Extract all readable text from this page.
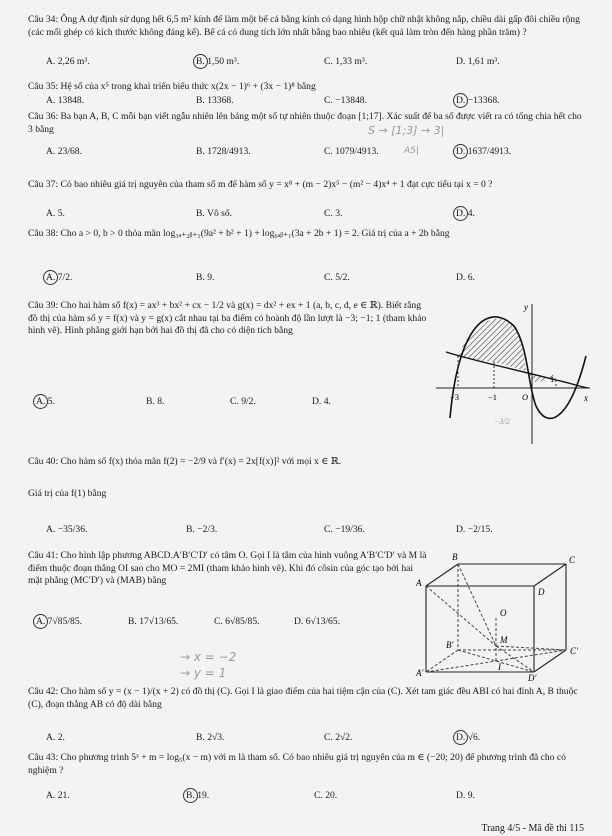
Câu 34: Ông A dự định sử dụng hết 6,5 m² kính để làm một bể cá bằng kính có dạng hình hộp chữ nhật không nắp, chiều dài gấp đôi chiều rộng (các mối ghép có kích thước không đáng kể). Bể cá có dung tích lớn nhất bằng bao nhiêu (kết quả làm tròn đến hàng phần trăm) ?
A. 2,26 m³.	B. 1,50 m³.	C. 1,33 m³.	D. 1,61 m³.
Câu 35: Hệ số của x⁵ trong khai triển biểu thức x(2x − 1)⁶ + (3x − 1)⁸ bằng
A. 13848.	B. 13368.	C. −13848.	D. −13368.
Câu 36: Ba bạn A, B, C mỗi bạn viết ngẫu nhiên lên bảng một số tự nhiên thuộc đoạn [1;17]. Xác suất để ba số được viết ra có tổng chia hết cho 3 bằng	S → [1;3] → 3|
A. 23/68.	B. 1728/4913.	C. 1079/4913.	A5|	D. 1637/4913.
Câu 37: Có bao nhiêu giá trị nguyên của tham số m để hàm số y = x⁸ + (m − 2)x⁵ − (m² − 4)x⁴ + 1 đạt cực tiểu tại x = 0 ?
A. 5.	B. Vô số.	C. 3.	D. 4.
Câu 38: Cho a > 0, b > 0 thỏa mãn log₃ₐ₊₂ᵦ₊₁(9a² + b² + 1) + log₆ₐᵦ₊₁(3a + 2b + 1) = 2. Giá trị của a + 2b bằng
A. 7/2.	B. 9.	C. 5/2.	D. 6.
Câu 39: Cho hai hàm số f(x) = ax³ + bx² + cx − 1/2 và g(x) = dx² + ex + 1 (a, b, c, d, e ∈ ℝ). Biết rằng đồ thị của hàm số y = f(x) và y = g(x) cắt nhau tại ba điểm có hoành độ lần lượt là −3; −1; 1 (tham khảo hình vẽ). Hình phẳng giới hạn bởi hai đồ thị đã cho có diện tích bằng
A. 5.	B. 8.	C. 9/2.	D. 4.
y
x
−3	−1
1
O
−3/2
Câu 40: Cho hàm số f(x) thỏa mãn f(2) = −2/9 và f′(x) = 2x[f(x)]² với mọi x ∈ ℝ.
Giá trị của f(1) bằng
A. −35/36.	B. −2/3.	C. −19/36.	D. −2/15.
Câu 41: Cho hình lập phương ABCD.A′B′C′D′ có tâm O. Gọi I là tâm của hình vuông A′B′C′D′ và M là điểm thuộc đoạn thẳng OI sao cho MO = 2MI (tham khảo hình vẽ). Khi đó côsin của góc tạo bởi hai mặt phẳng (MC′D′) và (MAB) bằng
A. 7√85/85.	B. 17√13/65.	C. 6√85/85.	D. 6√13/65.
B	C
A
D
O
M
B′
C′
A′
I
D′
→ x = −2
→ y = 1
Câu 42: Cho hàm số y = (x − 1)/(x + 2) có đồ thị (C). Gọi I là giao điểm của hai tiệm cận của (C). Xét tam giác đều ABI có hai đỉnh A, B thuộc (C), đoạn thẳng AB có độ dài bằng
A. 2.	B. 2√3.	C. 2√2.	D. √6.
Câu 43: Cho phương trình 5ˣ + m = log₅(x − m) với m là tham số. Có bao nhiêu giá trị nguyên của m ∈ (−20; 20) để phương trình đã cho có nghiệm ?
A. 21.	B. 19.	C. 20.	D. 9.
Trang 4/5 - Mã đề thi 115
